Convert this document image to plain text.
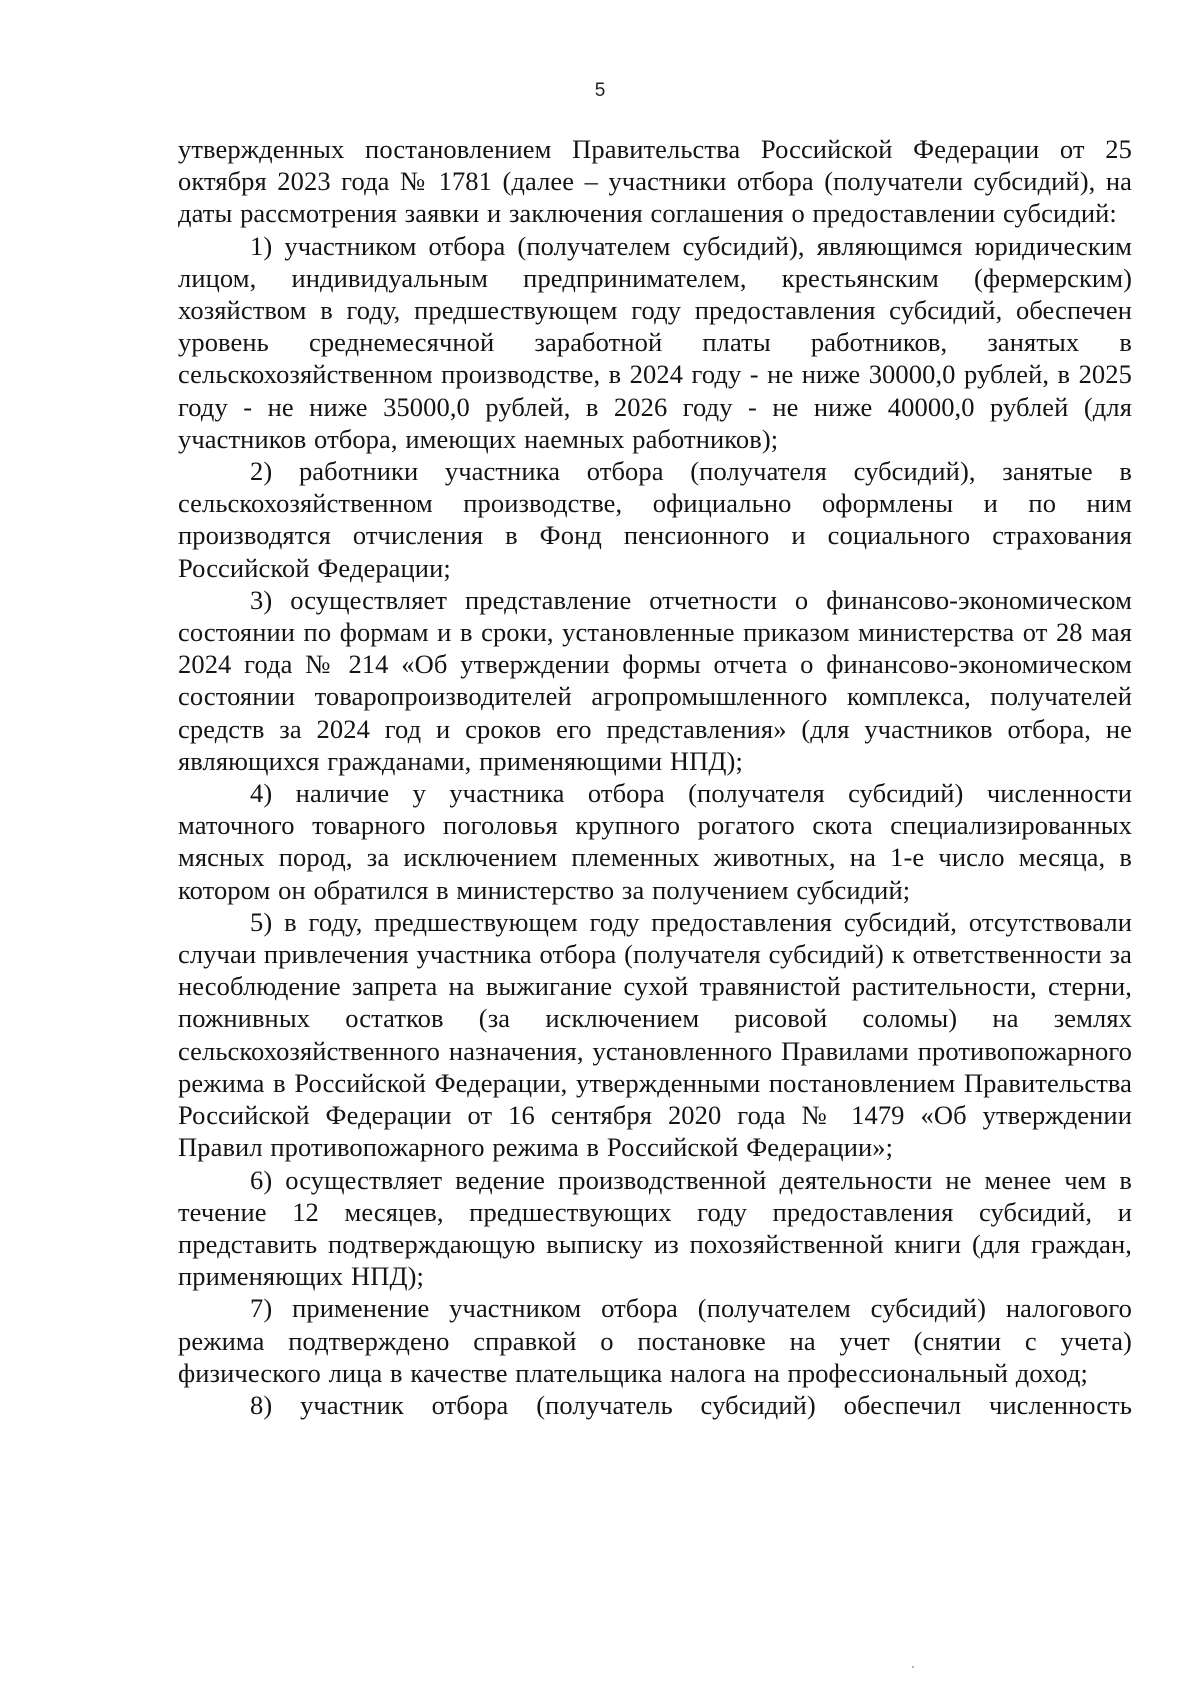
5

утвержденных постановлением Правительства Российской Федерации от 25 октября 2023 года № 1781 (далее – участники отбора (получатели субсидий), на даты рассмотрения заявки и заключения соглашения о предоставлении субсидий:

1) участником отбора (получателем субсидий), являющимся юридическим лицом, индивидуальным предпринимателем, крестьянским (фермерским) хозяйством в году, предшествующем году предоставления субсидий, обеспечен уровень среднемесячной заработной платы работников, занятых в сельскохозяйственном производстве, в 2024 году - не ниже 30000,0 рублей, в 2025 году - не ниже 35000,0 рублей, в 2026 году - не ниже 40000,0 рублей (для участников отбора, имеющих наемных работников);

2) работники участника отбора (получателя субсидий), занятые в сельскохозяйственном производстве, официально оформлены и по ним производятся отчисления в Фонд пенсионного и социального страхования Российской Федерации;

3) осуществляет представление отчетности о финансово-экономическом состоянии по формам и в сроки, установленные приказом министерства от 28 мая 2024 года № 214 «Об утверждении формы отчета о финансово-экономическом состоянии товаропроизводителей агропромышленного комплекса, получателей средств за 2024 год и сроков его представления» (для участников отбора, не являющихся гражданами, применяющими НПД);

4) наличие у участника отбора (получателя субсидий) численности маточного товарного поголовья крупного рогатого скота специализированных мясных пород, за исключением племенных животных, на 1-е число месяца, в котором он обратился в министерство за получением субсидий;

5) в году, предшествующем году предоставления субсидий, отсутствовали случаи привлечения участника отбора (получателя субсидий) к ответственности за несоблюдение запрета на выжигание сухой травянистой растительности, стерни, пожнивных остатков (за исключением рисовой соломы) на землях сельскохозяйственного назначения, установленного Правилами противопожарного режима в Российской Федерации, утвержденными постановлением Правительства Российской Федерации от 16 сентября 2020 года № 1479 «Об утверждении Правил противопожарного режима в Российской Федерации»;

6) осуществляет ведение производственной деятельности не менее чем в течение 12 месяцев, предшествующих году предоставления субсидий, и представить подтверждающую выписку из похозяйственной книги (для граждан, применяющих НПД);

7) применение участником отбора (получателем субсидий) налогового режима подтверждено справкой о постановке на учет (снятии с учета) физического лица в качестве плательщика налога на профессиональный доход;

8) участник отбора (получатель субсидий) обеспечил численность
